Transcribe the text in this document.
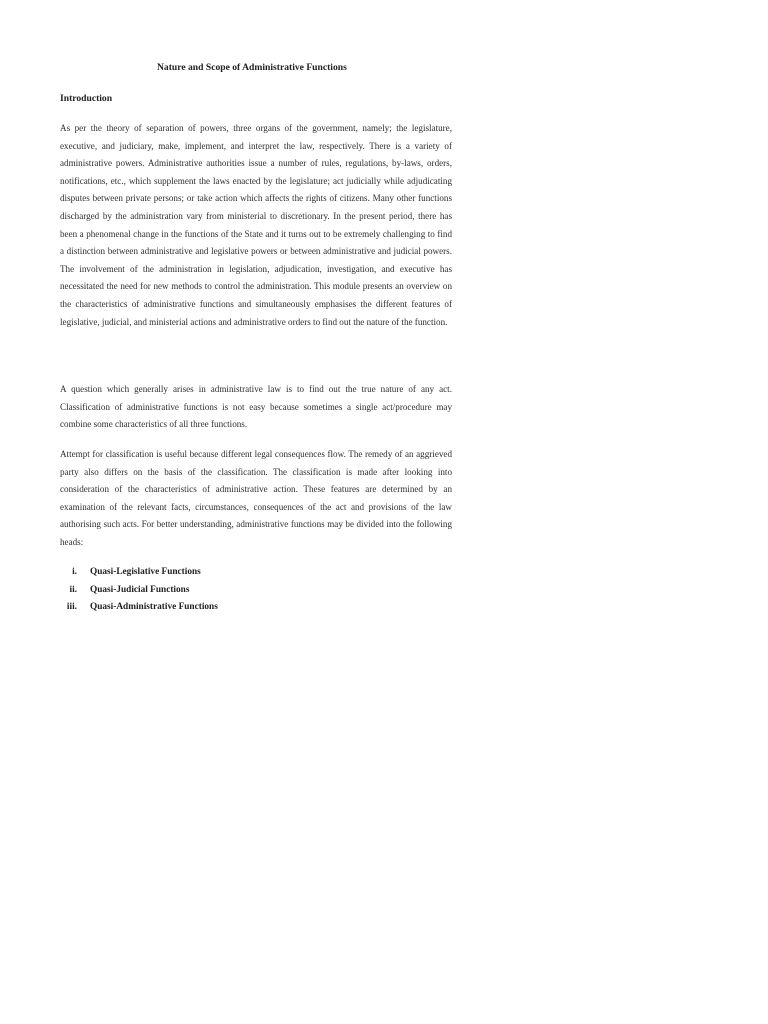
Nature and Scope of Administrative Functions
Introduction

As per the theory of separation of powers, three organs of the government, namely; the legislature, executive, and judiciary, make, implement, and interpret the law, respectively. There is a variety of administrative powers. Administrative authorities issue a number of rules, regulations, by-laws, orders, notifications, etc., which supplement the laws enacted by the legislature; act judicially while adjudicating disputes between private persons; or take action which affects the rights of citizens. Many other functions discharged by the administration vary from ministerial to discretionary. In the present period, there has been a phenomenal change in the functions of the State and it turns out to be extremely challenging to find a distinction between administrative and legislative powers or between administrative and judicial powers. The involvement of the administration in legislation, adjudication, investigation, and executive has necessitated the need for new methods to control the administration. This module presents an overview on the characteristics of administrative functions and simultaneously emphasises the different features of legislative, judicial, and ministerial actions and administrative orders to find out the nature of the function.

A question which generally arises in administrative law is to find out the true nature of any act. Classification of administrative functions is not easy because sometimes a single act/procedure may combine some characteristics of all three functions.

Attempt for classification is useful because different legal consequences flow. The remedy of an aggrieved party also differs on the basis of the classification. The classification is made after looking into consideration of the characteristics of administrative action. These features are determined by an examination of the relevant facts, circumstances, consequences of the act and provisions of the law authorising such acts. For better understanding, administrative functions may be divided into the following heads:

i. Quasi-Legislative Functions
ii. Quasi-Judicial Functions
iii. Quasi-Administrative Functions
